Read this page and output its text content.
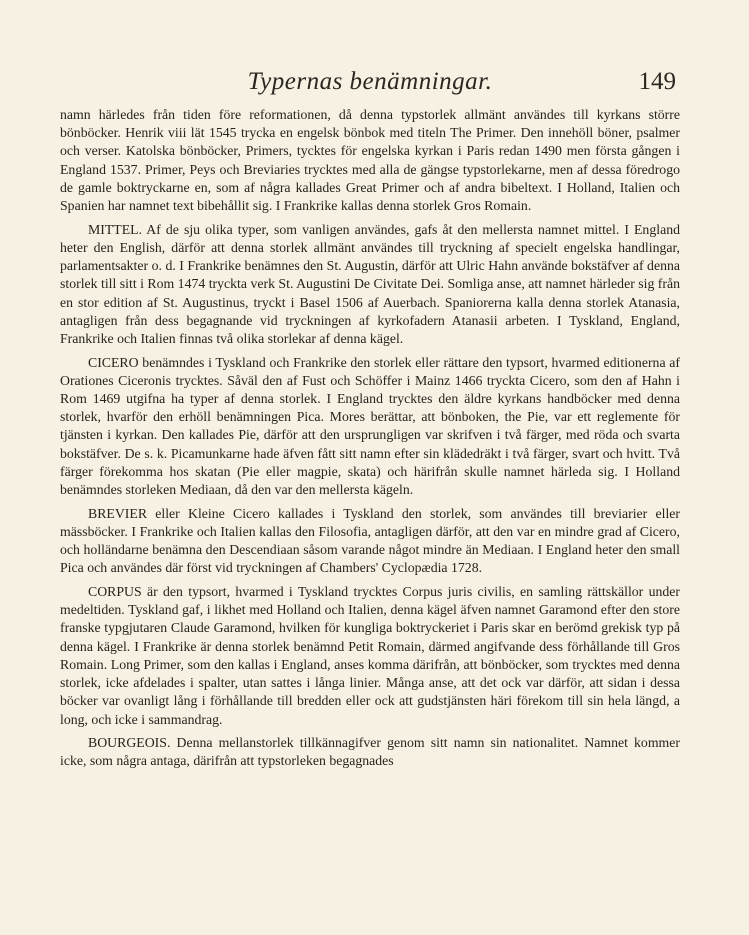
Typernas benämningar.	149

namn härledes från tiden före reformationen, då denna typstorlek allmänt användes till kyrkans större bönböcker. Henrik viii lät 1545 trycka en engelsk bönbok med titeln The Primer. Den innehöll böner, psalmer och verser. Katolska bönböcker, Primers, tycktes för engelska kyrkan i Paris redan 1490 men första gången i England 1537. Primer, Peys och Breviaries trycktes med alla de gängse typstorlekarne, men af dessa föredrogo de gamle boktryckarne en, som af några kallades Great Primer och af andra bibeltext. I Holland, Italien och Spanien har namnet text bibehållit sig. I Frankrike kallas denna storlek Gros Romain.

MITTEL. Af de sju olika typer, som vanligen användes, gafs åt den mellersta namnet mittel. I England heter den English, därför att denna storlek allmänt användes till tryckning af specielt engelska handlingar, parlamentsakter o. d. I Frankrike benämnes den St. Augustin, därför att Ulric Hahn använde bokstäfver af denna storlek till sitt i Rom 1474 tryckta verk St. Augustini De Civitate Dei. Somliga anse, att namnet härleder sig från en stor edition af St. Augustinus, tryckt i Basel 1506 af Auerbach. Spaniorerna kalla denna storlek Atanasia, antagligen från dess begagnande vid tryckningen af kyrkofadern Atanasii arbeten. I Tyskland, England, Frankrike och Italien finnas två olika storlekar af denna kägel.

CICERO benämndes i Tyskland och Frankrike den storlek eller rättare den typsort, hvarmed editionerna af Orationes Ciceronis trycktes. Såväl den af Fust och Schöffer i Mainz 1466 tryckta Cicero, som den af Hahn i Rom 1469 utgifna ha typer af denna storlek. I England trycktes den äldre kyrkans handböcker med denna storlek, hvarför den erhöll benämningen Pica. Mores berättar, att bönboken, the Pie, var ett reglemente för tjänsten i kyrkan. Den kallades Pie, därför att den ursprungligen var skrifven i två färger, med röda och svarta bokstäfver. De s. k. Picamunkarne hade äfven fått sitt namn efter sin klädedräkt i två färger, svart och hvitt. Två färger förekomma hos skatan (Pie eller magpie, skata) och härifrån skulle namnet härleda sig. I Holland benämndes storleken Mediaan, då den var den mellersta kägeln.

BREVIER eller Kleine Cicero kallades i Tyskland den storlek, som användes till breviarier eller mässböcker. I Frankrike och Italien kallas den Filosofia, antagligen därför, att den var en mindre grad af Cicero, och holländarne benämna den Descendiaan såsom varande något mindre än Mediaan. I England heter den small Pica och användes där först vid tryckningen af Chambers' Cyclopædia 1728.

CORPUS är den typsort, hvarmed i Tyskland trycktes Corpus juris civilis, en samling rättskällor under medeltiden. Tyskland gaf, i likhet med Holland och Italien, denna kägel äfven namnet Garamond efter den store franske typgjutaren Claude Garamond, hvilken för kungliga boktryckeriet i Paris skar en berömd grekisk typ på denna kägel. I Frankrike är denna storlek benämnd Petit Romain, därmed angifvande dess förhållande till Gros Romain. Long Primer, som den kallas i England, anses komma därifrån, att bönböcker, som trycktes med denna storlek, icke afdelades i spalter, utan sattes i långa linier. Många anse, att det ock var därför, att sidan i dessa böcker var ovanligt lång i förhållande till bredden eller ock att gudstjänsten häri förekom till sin hela längd, a long, och icke i sammandrag.

BOURGEOIS. Denna mellanstorlek tillkännagifver genom sitt namn sin nationalitet. Namnet kommer icke, som några antaga, därifrån att typstorleken begagnades
